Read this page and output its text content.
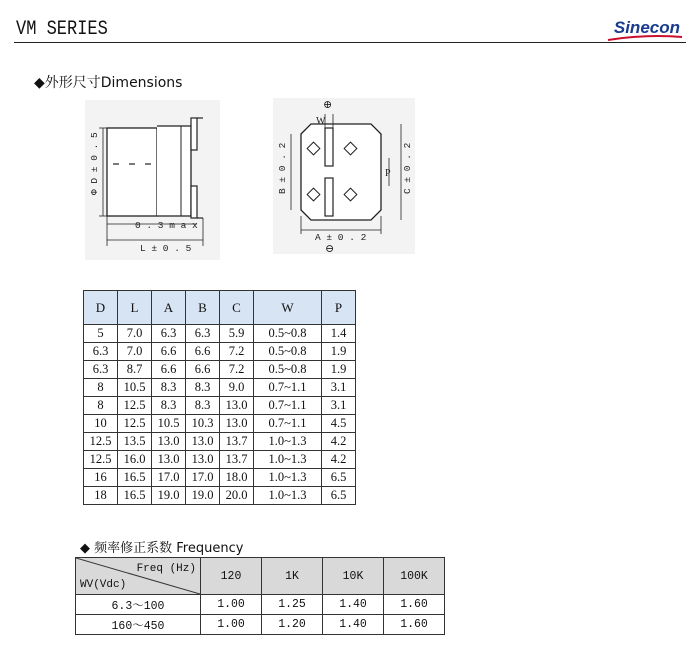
VM SERIES	Sinecon
◆外形尺寸Dimensions
Φ D ± 0 . 5
0 . 3 m a x
L ± 0 . 5
⊕
W
B ± 0 . 2	P C ± 0 . 2
A ± 0 . 2
⊖
D	L	A	B	C	W	P
5	7.0	6.3	6.3	5.9	0.5~0.8	1.4
6.3	7.0	6.6	6.6	7.2	0.5~0.8	1.9
6.3	8.7	6.6	6.6	7.2	0.5~0.8	1.9
8	10.5	8.3	8.3	9.0	0.7~1.1	3.1
8	12.5	8.3	8.3	13.0	0.7~1.1	3.1
10	12.5	10.5	10.3	13.0	0.7~1.1	4.5
12.5	13.5	13.0	13.0	13.7	1.0~1.3	4.2
12.5	16.0	13.0	13.0	13.7	1.0~1.3	4.2
16	16.5	17.0	17.0	18.0	1.0~1.3	6.5
18	16.5	19.0	19.0	20.0	1.0~1.3	6.5
◆ 频率修正系数 Frequency
Freq (Hz)
WV(Vdc)	120	1K	10K	100K
6.3～100	1.00	1.25	1.40	1.60
160～450	1.00	1.20	1.40	1.60
